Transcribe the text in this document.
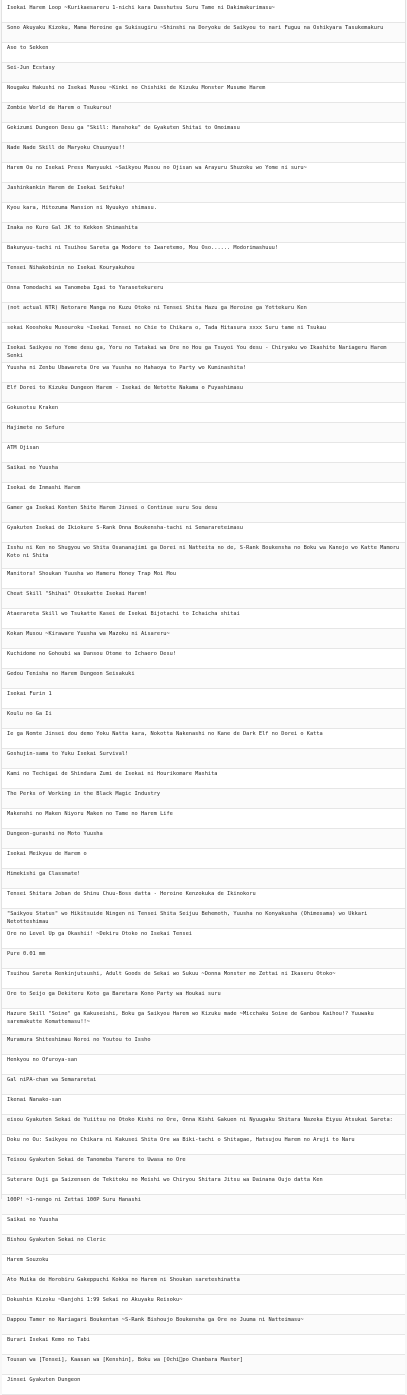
Isekai Harem Loop ~Kurikaesareru 1-nichi kara Dasshutsu Suru Tame ni Dakimakurimasu~
Sono Akuyaku Kizoku, Mama Heroine ga Sukisugiru ~Shinshi na Doryoku de Saikyou to nari Fuguu na Oshikyara Tasukemakuru
Ase to Sekken
Sei-Jun Ecstasy
Nougaku Hakushi no Isekai Musou ~Kinki no Chishiki de Kizuku Monster Musume Harem
Zombie World de Harem o Tsukurou!
Gekizumi Dungeon Desu ga "Skill: Hanshoku" de Gyakuten Shitai to Omoimasu
Nade Nade Skill de Maryoku Chuunyuu!!
Harem Ou no Isekai Press Manyuuki ~Saikyou Musou no Ojisan wa Arayuru Shuzoku wo Yome ni suru~
Jashinkankin Harem de Isekai Seifuku!
Kyou kara, Hitozuma Mansion ni Nyuukyo shimasu.
Inaka no Kuro Gal JK to Kekkon Shimashita
Bakunyuu-tachi ni Tsuihou Sareta ga Modore to Iwaretemo, Mou Oso...... Modorimashuuu!
Tensei Nihakobinin no Isekai Kouryakuhou
Onna Tomodachi wa Tanomeba Igai to Yarasetekureru
(not actual NTR) Netorare Manga no Kuzu Otoko ni Tensei Shita Hazu ga Heroine ga Yottekuru Ken
sekai Kooshoku Musouroku ~Isekai Tensei no Chie to Chikara o, Tada Hitasura xxxx Suru tame ni Tsukau
Isekai Saikyou no Yome desu ga, Yoru no Tatakai wa Ore no Hou ga Tsuyoi You desu - Chiryaku wo Ikashite Nariageru Harem Senki
Yuusha ni Zenbu Ubawareta Ore wa Yuusha no Hahaoya to Party wo Kuminashita!
Elf Dorei to Kizuku Dungeon Harem - Isekai de Netotte Nakama o Fuyashimasu
Gokusotsu Kraken
Hajimete no Sefure
ATM Ojisan
Saikai no Yuusha
Isekai de Inmashi Harem
Gamer ga Isekai Konten Shite Harem Jinsei o Continue suru Sou desu
Gyakuten Isekai de Ikiokure S-Rank Onna Boukensha-tachi ni Semarareteimasu
Isshu ni Ken no Shugyou wo Shita Osananajimi ga Dorei ni Natteita no de, S-Rank Boukensha no Boku wa Kanojo wo Katte Mamoru Koto ni Shita
Manitora! Shoukan Yuusha wo Hameru Honey Trap Moi Mou
Cheat Skill "Shihai" Otsukatte Isekai Harem!
Ataerareta Skill wo Tsukatte Kasei de Isekai Bijotachi to Ichaicha shitai
Kokan Musou ~Kiraware Yuusha wa Mazoku ni Aisareru~
Kuchidome no Gohoubi wa Dansou Otome to Ichaero Desu!
Gedou Tenisha no Harem Dungeon Seisakuki
Isekai Furin 1
Koulu no Ga Ii
Ie ga Nomte Jinsei dou demo Yoku Natta kara, Nokotta Nakenashi no Kane de Dark Elf no Dorei o Katta
Goshujin-sama to Yuku Isekai Survival!
Kami no Techigai de Shindara Zumi de Isekai ni Hourikomare Mashita
The Perks of Working in the Black Magic Industry
Makenshi no Maken Niyoru Maken no Tame no Harem Life
Dungeon-gurashi no Moto Yuusha
Isekai Meikyuu de Harem o
Himekishi ga Classmate!
Tensei Shitara Joban de Shinu Chuu-Boss datta - Heroine Kenzokuka de Ikinokoru
"Saikyou Status" wo Hikitsuide Ningen ni Tensei Shita Seijuu Behemoth, Yuusha no Konyakusha (Ohimesama) wo Ukkari Netotteshimau
Ore no Level Up ga Okashii! ~Dekiru Otoko no Isekai Tensei
Pure 0.01 mm
Tsuihou Sareta Renkinjutsushi, Adult Goods de Sekai wo Sukuu ~Donna Monster mo Zettai ni Ikaseru Otoko~
Ore to Seijo ga Dekiteru Koto ga Baretara Kono Party wa Houkai suru
Hazure Skill "Soine" ga Kakuseishi, Boku ga Saikyou Harem wo Kizuku made ~Micchaku Soine de Ganbou Kaihou!? Yuuwaku saremakutte Komattemasu!!~
Muramura Shiteshimau Noroi no Youtou to Issho
Henkyou no Ofuroya-san
Gal niPA-chan wa Semararetai
Ikenai Nanako-san
eisou Gyakuten Sekai de Yuiitsu no Otoko Kishi no Ore, Onna Kishi Gakuen ni Nyuugaku Shitara Nazeka Eiyuu Atsukai Sareta:
Doku no Ou: Saikyou no Chikara ni Kakusei Shita Ore wa Biki-tachi o Shitagae, Hatsujou Harem no Aruji to Naru
Teisou Gyakuten Sekai de Tanomeba Yarere to Uwasa no Ore
Suterare Ouji ga Saizensen de Tekitoku no Meishi wo Chiryou Shitara Jitsu wa Dainana Oujo datta Ken
100P! ~1-nengo ni Zettai 100P Suru Hanashi
Saikai no Yuusha
Bishou Gyakuten Sekai no Cleric
Harem Souzoku
Ato Muika de Horobiru Gakeppuchi Kokka no Harem ni Shoukan sareteshinatta
Dokushin Kizoku ~Danjohi 1:99 Sekai no Akuyaku Reisoku~
Dappou Tamer no Nariagari Boukentan ~S-Rank Bishoujo Boukensha ga Ore no Juuma ni Natteimasu~
Burari Isekai Kemo no Tabi
Tousan wa [Tensei], Kaasan wa [Kenshin], Boku wa [Ochi po Chanbara Master]
Jinsei Gyakuten Dungeon
